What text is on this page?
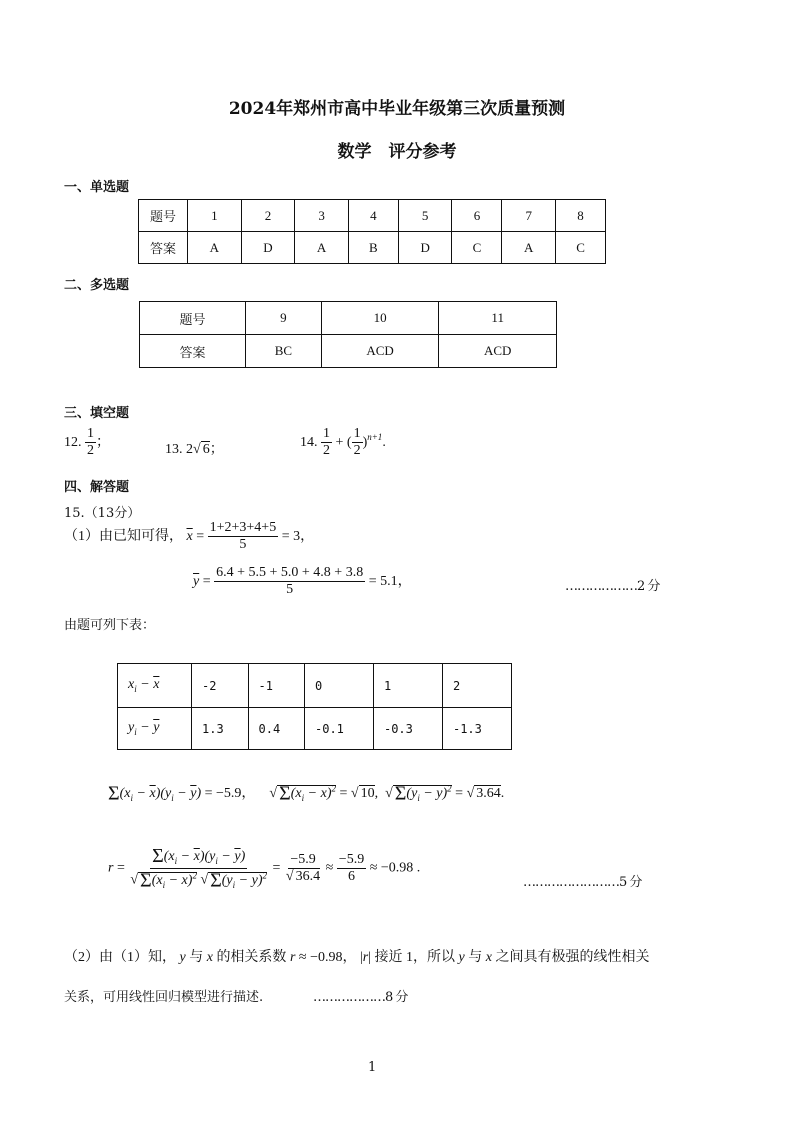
2024年郑州市高中毕业年级第三次质量预测
数学　评分参考
一、单选题
题号	1	2	3	4	5	6	7	8
答案	A	D	A	B	D	C	A	C
二、多选题
题号	9	10	11
答案	BC	ACD	ACD
三、填空题
12. $\frac{1}{2}$ ；	13. 2√ 6；	14. $\frac{1}{2}$ + ( $\frac{1}{2} )^{n+1}$.
四、解答题
15.（13分）
（1）由已知可得， $\overline{x} = \frac{1+2+3+4+5}{5} = 3$，
$\overline{y} = \frac{6.4 + 5.5 + 5.0 + 4.8 + 3.8}{5} = 5.1$，	………………2 分
由题可列下表：
$x_i - \overline{x}$	-2	-1	0	1	2
$y_i - \overline{y}$	1.3	0.4	-0.1	-0.3	-1.3
$\Sigma(x_i - \overline{x})(y_i - \overline{y}) = -5.9$，    √ $\Sigma(x_i - \overline{x})^2$ = √ 10,  √ $\Sigma(y_i - \overline{y})^2$ = √ 3.64.
$r = \frac{\Sigma(x_i - \overline{x})(y_i - \overline{y})}{√ \Sigma(x_i - \overline{x})^2 √ \Sigma(y_i - \overline{y})^2} = \frac{-5.9}{√ 36.4} \approx \frac{-5.9}{6} \approx -0.98$ .
……………………5 分
（2）由（1）知， y 与 x 的相关系数 r ≈ −0.98， |r| 接近 1，所以 y 与 x 之间具有极强的线性相关
关系，可用线性回归模型进行描述.	………………8 分
1
